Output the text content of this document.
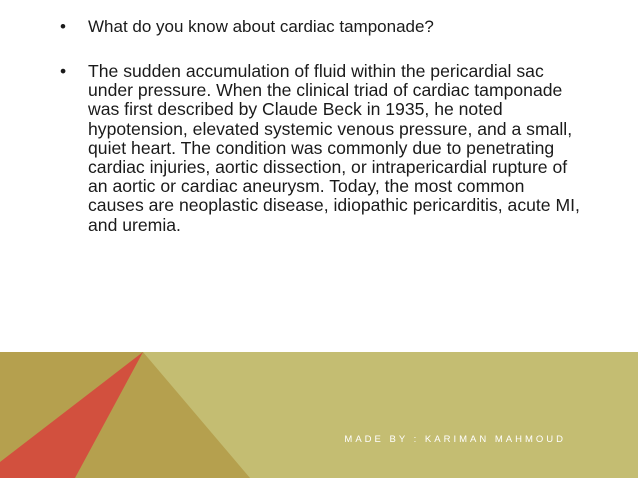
•	What do you know about cardiac tamponade?
•	The sudden accumulation of fluid within the pericardial sac under pressure. When the clinical triad of cardiac tamponade was first described by Claude Beck in 1935, he noted hypotension, elevated systemic venous pressure, and a small, quiet heart. The condition was commonly due to penetrating cardiac injuries, aortic dissection, or intrapericardial rupture of an aortic or cardiac aneurysm. Today, the most common causes are neoplastic disease, idiopathic pericarditis, acute MI, and uremia.
MADE BY : KARIMAN MAHMOUD
